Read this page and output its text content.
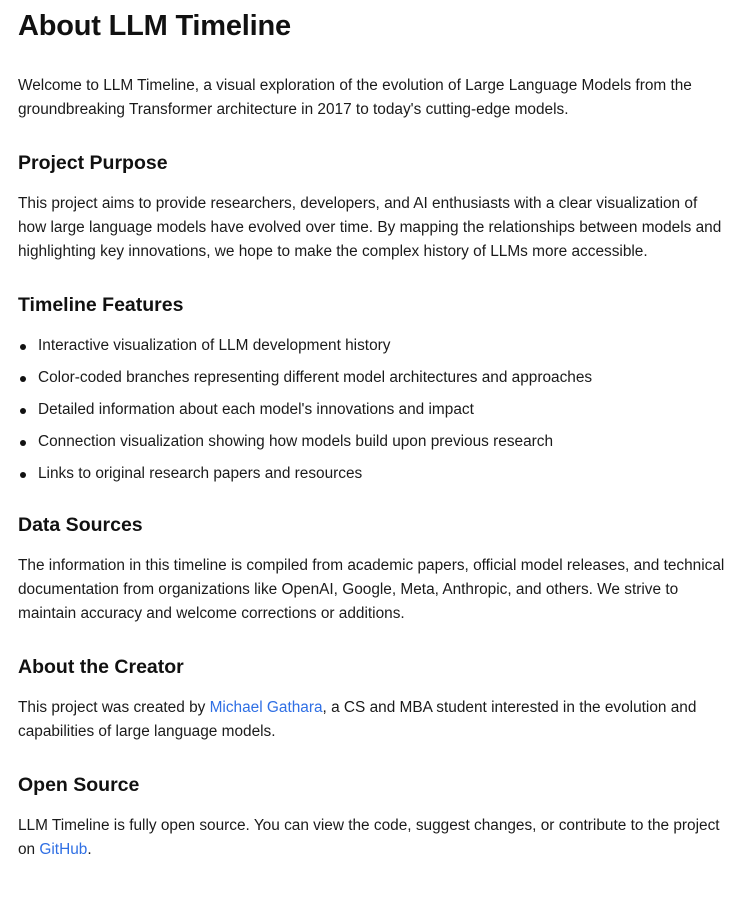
About LLM Timeline

Welcome to LLM Timeline, a visual exploration of the evolution of Large Language Models from the groundbreaking Transformer architecture in 2017 to today's cutting-edge models.

Project Purpose

This project aims to provide researchers, developers, and AI enthusiasts with a clear visualization of how large language models have evolved over time. By mapping the relationships between models and highlighting key innovations, we hope to make the complex history of LLMs more accessible.

Timeline Features
Interactive visualization of LLM development history
Color-coded branches representing different model architectures and approaches
Detailed information about each model's innovations and impact
Connection visualization showing how models build upon previous research
Links to original research papers and resources
Data Sources

The information in this timeline is compiled from academic papers, official model releases, and technical documentation from organizations like OpenAI, Google, Meta, Anthropic, and others. We strive to maintain accuracy and welcome corrections or additions.

About the Creator

This project was created by Michael Gathara, a CS and MBA student interested in the evolution and capabilities of large language models.

Open Source

LLM Timeline is fully open source. You can view the code, suggest changes, or contribute to the project on GitHub.
